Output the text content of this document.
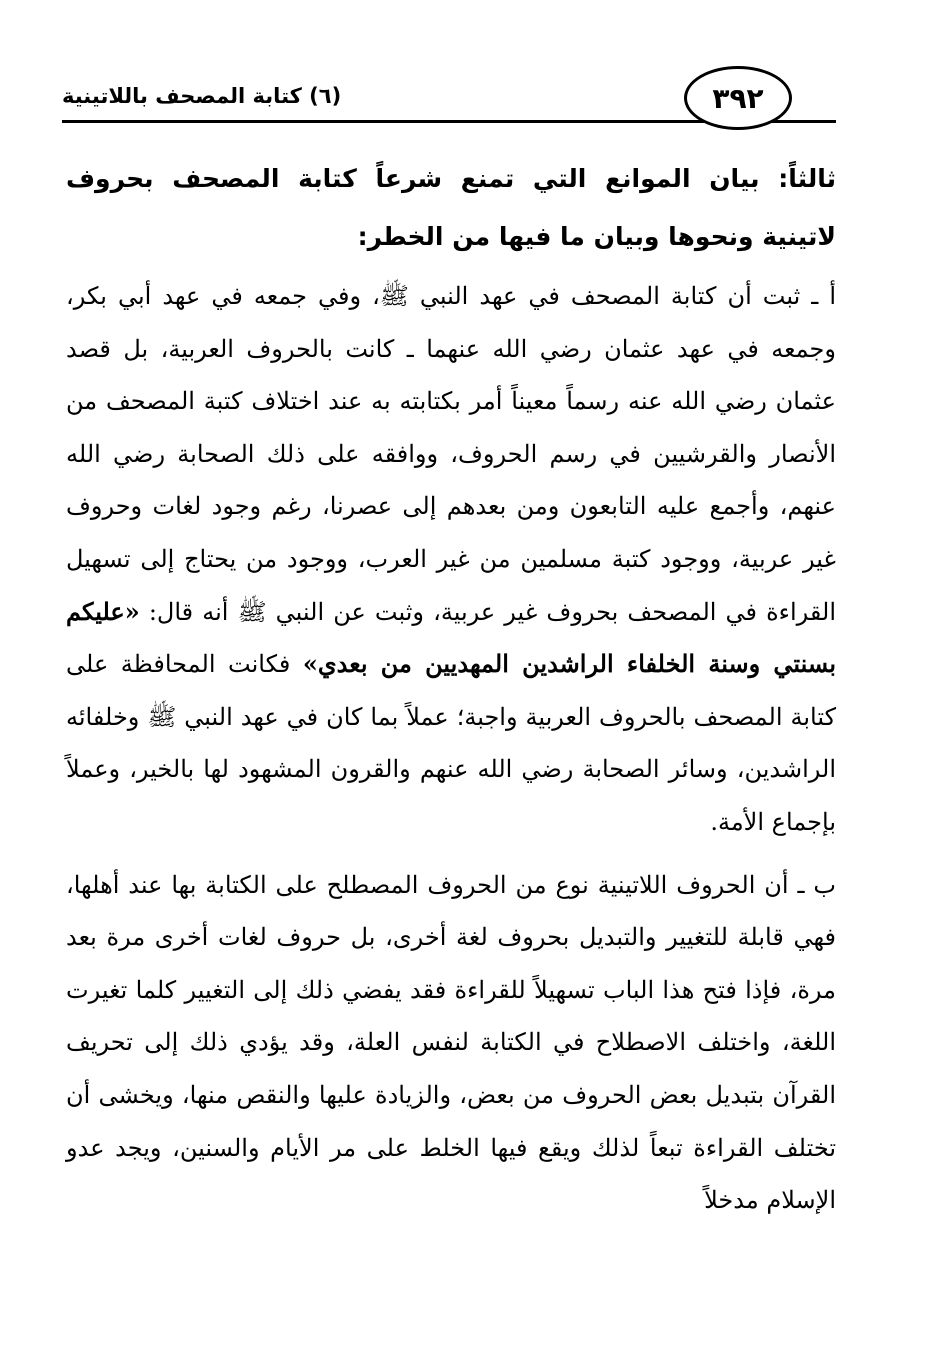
٣٩٢
(٦) كتابة المصحف باللاتينية

ثالثاً: بيان الموانع التي تمنع شرعاً كتابة المصحف بحروف لاتينية ونحوها وبيان ما فيها من الخطر:

أ ـ ثبت أن كتابة المصحف في عهد النبي ﷺ، وفي جمعه في عهد أبي بكر، وجمعه في عهد عثمان رضي الله عنهما ـ كانت بالحروف العربية، بل قصد عثمان رضي الله عنه رسماً معيناً أمر بكتابته به عند اختلاف كتبة المصحف من الأنصار والقرشيين في رسم الحروف، ووافقه على ذلك الصحابة رضي الله عنهم، وأجمع عليه التابعون ومن بعدهم إلى عصرنا، رغم وجود لغات وحروف غير عربية، ووجود كتبة مسلمين من غير العرب، ووجود من يحتاج إلى تسهيل القراءة في المصحف بحروف غير عربية، وثبت عن النبي ﷺ أنه قال: «عليكم بسنتي وسنة الخلفاء الراشدين المهديين من بعدي» فكانت المحافظة على كتابة المصحف بالحروف العربية واجبة؛ عملاً بما كان في عهد النبي ﷺ وخلفائه الراشدين، وسائر الصحابة رضي الله عنهم والقرون المشهود لها بالخير، وعملاً بإجماع الأمة.

ب ـ أن الحروف اللاتينية نوع من الحروف المصطلح على الكتابة بها عند أهلها، فهي قابلة للتغيير والتبديل بحروف لغة أخرى، بل حروف لغات أخرى مرة بعد مرة، فإذا فتح هذا الباب تسهيلاً للقراءة فقد يفضي ذلك إلى التغيير كلما تغيرت اللغة، واختلف الاصطلاح في الكتابة لنفس العلة، وقد يؤدي ذلك إلى تحريف القرآن بتبديل بعض الحروف من بعض، والزيادة عليها والنقص منها، ويخشى أن تختلف القراءة تبعاً لذلك ويقع فيها الخلط على مر الأيام والسنين، ويجد عدو الإسلام مدخلاً
